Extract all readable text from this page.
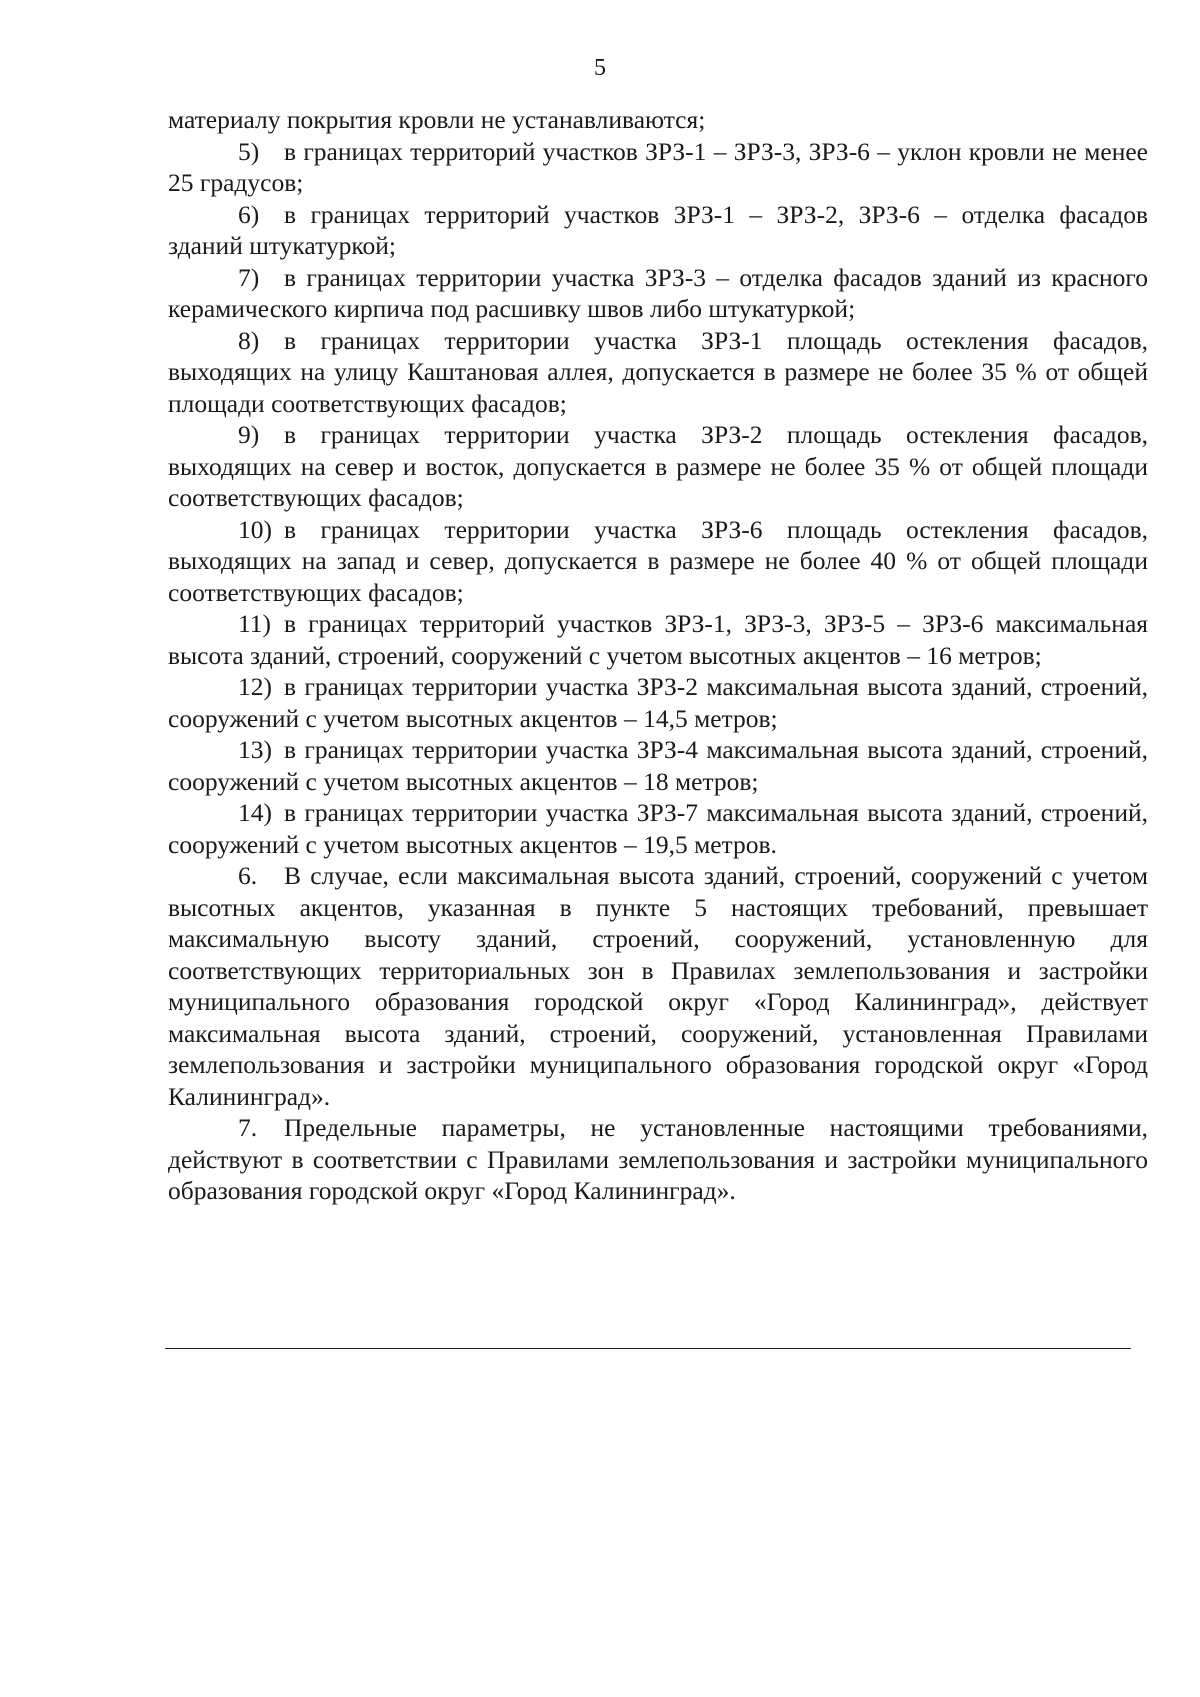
5

материалу покрытия кровли не устанавливаются;

5) в границах территорий участков ЗРЗ-1 – ЗРЗ-3, ЗРЗ-6 – уклон кровли не менее 25 градусов;

6) в границах территорий участков ЗРЗ-1 – ЗРЗ-2, ЗРЗ-6 – отделка фасадов зданий штукатуркой;

7) в границах территории участка ЗРЗ-3 – отделка фасадов зданий из красного керамического кирпича под расшивку швов либо штукатуркой;

8) в границах территории участка ЗРЗ-1 площадь остекления фасадов, выходящих на улицу Каштановая аллея, допускается в размере не более 35 % от общей площади соответствующих фасадов;

9) в границах территории участка ЗРЗ-2 площадь остекления фасадов, выходящих на север и восток, допускается в размере не более 35 % от общей площади соответствующих фасадов;

10) в границах территории участка ЗРЗ-6 площадь остекления фасадов, выходящих на запад и север, допускается в размере не более 40 % от общей площади соответствующих фасадов;

11) в границах территорий участков ЗРЗ-1, ЗРЗ-3, ЗРЗ-5 – ЗРЗ-6 максимальная высота зданий, строений, сооружений с учетом высотных акцентов – 16 метров;

12) в границах территории участка ЗРЗ-2 максимальная высота зданий, строений, сооружений с учетом высотных акцентов – 14,5 метров;

13) в границах территории участка ЗРЗ-4 максимальная высота зданий, строений, сооружений с учетом высотных акцентов – 18 метров;

14) в границах территории участка ЗРЗ-7 максимальная высота зданий, строений, сооружений с учетом высотных акцентов – 19,5 метров.

6. В случае, если максимальная высота зданий, строений, сооружений с учетом высотных акцентов, указанная в пункте 5 настоящих требований, превышает максимальную высоту зданий, строений, сооружений, установленную для соответствующих территориальных зон в Правилах землепользования и застройки муниципального образования городской округ «Город Калининград», действует максимальная высота зданий, строений, сооружений, установленная Правилами землепользования и застройки муниципального образования городской округ «Город Калининград».

7. Предельные параметры, не установленные настоящими требованиями, действуют в соответствии с Правилами землепользования и застройки муниципального образования городской округ «Город Калининград».
